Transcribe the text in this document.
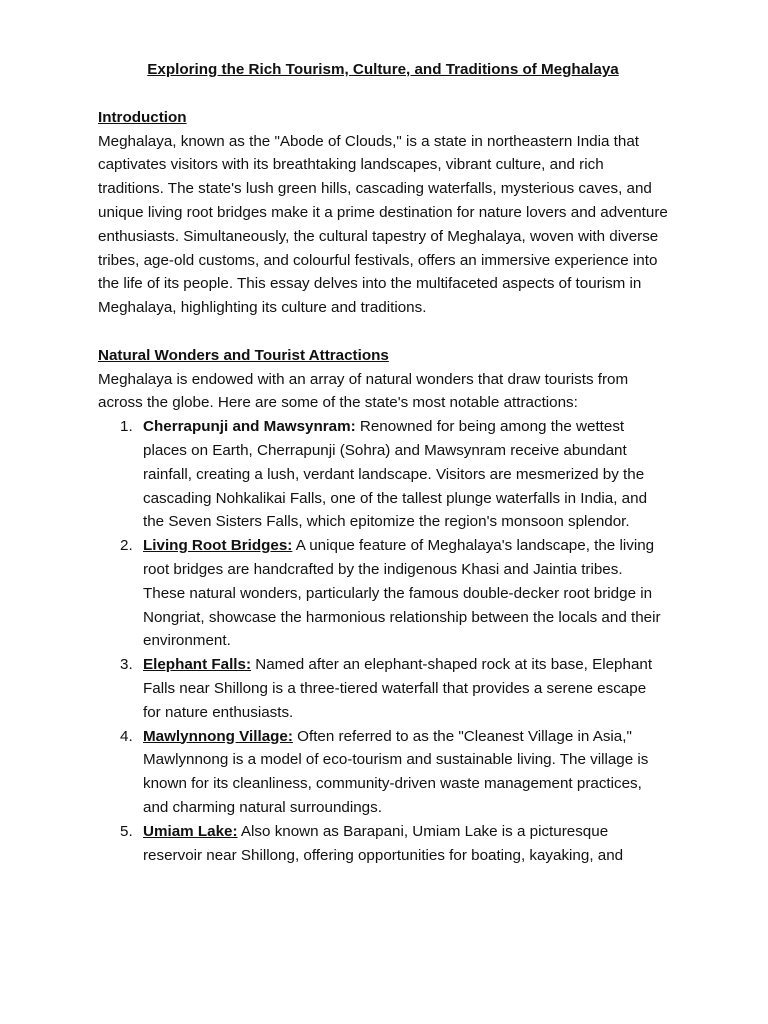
Exploring the Rich Tourism, Culture, and Traditions of Meghalaya

Introduction

Meghalaya, known as the "Abode of Clouds," is a state in northeastern India that captivates visitors with its breathtaking landscapes, vibrant culture, and rich traditions. The state's lush green hills, cascading waterfalls, mysterious caves, and unique living root bridges make it a prime destination for nature lovers and adventure enthusiasts. Simultaneously, the cultural tapestry of Meghalaya, woven with diverse tribes, age-old customs, and colourful festivals, offers an immersive experience into the life of its people. This essay delves into the multifaceted aspects of tourism in Meghalaya, highlighting its culture and traditions.

Natural Wonders and Tourist Attractions

Meghalaya is endowed with an array of natural wonders that draw tourists from across the globe. Here are some of the state's most notable attractions:

1. Cherrapunji and Mawsynram: Renowned for being among the wettest places on Earth, Cherrapunji (Sohra) and Mawsynram receive abundant rainfall, creating a lush, verdant landscape. Visitors are mesmerized by the cascading Nohkalikai Falls, one of the tallest plunge waterfalls in India, and the Seven Sisters Falls, which epitomize the region's monsoon splendor.
2. Living Root Bridges: A unique feature of Meghalaya's landscape, the living root bridges are handcrafted by the indigenous Khasi and Jaintia tribes. These natural wonders, particularly the famous double-decker root bridge in Nongriat, showcase the harmonious relationship between the locals and their environment.
3. Elephant Falls: Named after an elephant-shaped rock at its base, Elephant Falls near Shillong is a three-tiered waterfall that provides a serene escape for nature enthusiasts.
4. Mawlynnong Village: Often referred to as the "Cleanest Village in Asia," Mawlynnong is a model of eco-tourism and sustainable living. The village is known for its cleanliness, community-driven waste management practices, and charming natural surroundings.
5. Umiam Lake: Also known as Barapani, Umiam Lake is a picturesque reservoir near Shillong, offering opportunities for boating, kayaking, and
